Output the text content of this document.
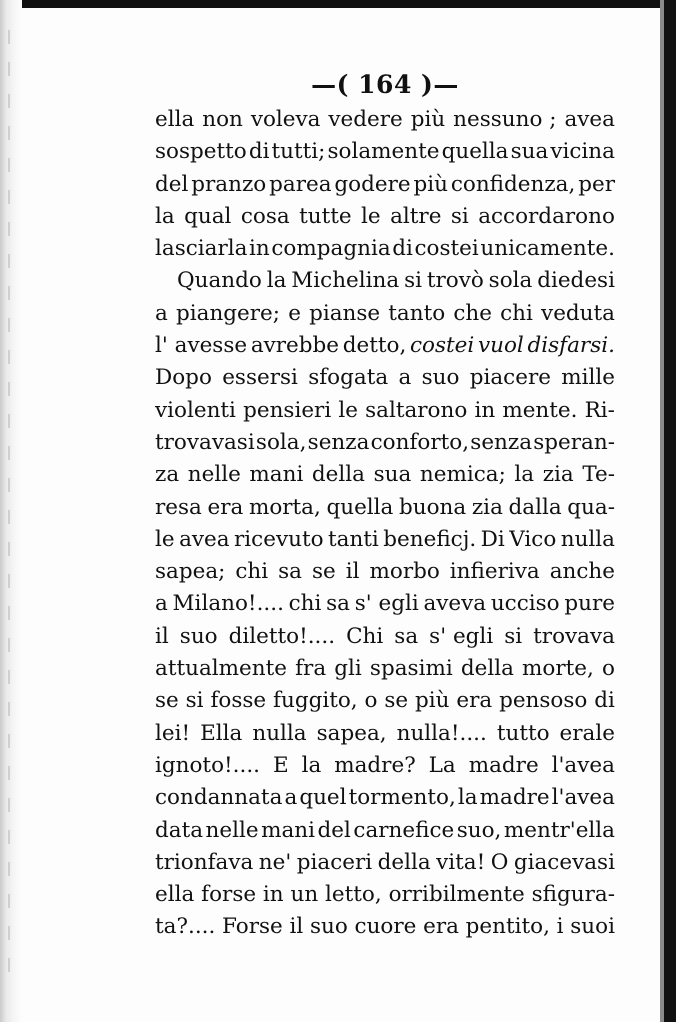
—( 164 )—
ella non voleva vedere più nessuno ; avea
sospetto di tutti; solamente quella sua vicina
del pranzo parea godere più confidenza, per
la qual cosa tutte le altre si accordarono
lasciarla in compagnia di costei unicamente.
Quando la Michelina si trovò sola diedesi
a piangere; e pianse tanto che chi veduta
l' avesse avrebbe detto, costei vuol disfarsi.
Dopo essersi sfogata a suo piacere mille
violenti pensieri le saltarono in mente. Ri-
trovavasi sola, senza conforto, senza speran-
za nelle mani della sua nemica; la zia Te-
resa era morta, quella buona zia dalla qua-
le avea ricevuto tanti beneficj. Di Vico nulla
sapea; chi sa se il morbo infieriva anche
a Milano!.... chi sa s' egli aveva ucciso pure
il suo diletto!.... Chi sa s' egli si trovava
attualmente fra gli spasimi della morte, o
se si fosse fuggito, o se più era pensoso di
lei! Ella nulla sapea, nulla!.... tutto erale
ignoto!.... E la madre? La madre l'avea
condannata a quel tormento, la madre l'avea
data nelle mani del carnefice suo, mentr'ella
trionfava ne' piaceri della vita! O giacevasi
ella forse in un letto, orribilmente sfigura-
ta?.... Forse il suo cuore era pentito, i suoi
